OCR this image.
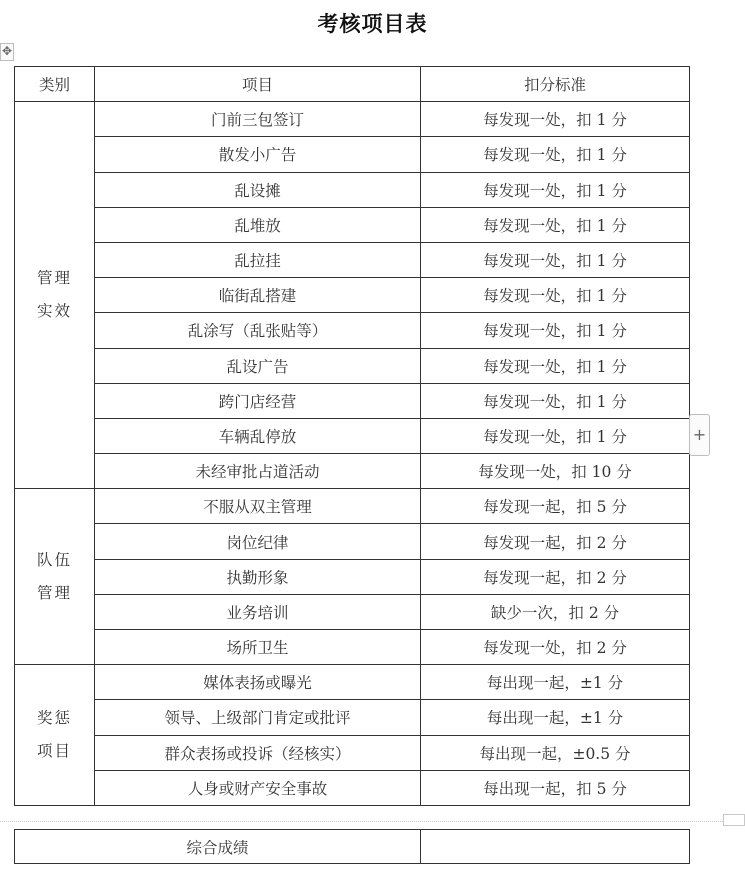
考核项目表
✥
类别	项目	扣分标准
管理
实效	门前三包签订	每发现一处，扣 1 分
	散发小广告	每发现一处，扣 1 分
	乱设摊	每发现一处，扣 1 分
	乱堆放	每发现一处，扣 1 分
	乱拉挂	每发现一处，扣 1 分
	临街乱搭建	每发现一处，扣 1 分
	乱涂写（乱张贴等）	每发现一处，扣 1 分
	乱设广告	每发现一处，扣 1 分
	跨门店经营	每发现一处，扣 1 分
	车辆乱停放	每发现一处，扣 1 分
	未经审批占道活动	每发现一处，扣 10 分
队伍
管理	不服从双主管理	每发现一起，扣 5 分
	岗位纪律	每发现一起，扣 2 分
	执勤形象	每发现一起，扣 2 分
	业务培训	缺少一次，扣 2 分
	场所卫生	每发现一处，扣 2 分
奖惩
项目	媒体表扬或曝光	每出现一起，±1 分
	领导、上级部门肯定或批评	每出现一起，±1 分
	群众表扬或投诉（经核实）	每出现一起，±0.5 分
	人身或财产安全事故	每出现一起，扣 5 分
+
综合成绩	
